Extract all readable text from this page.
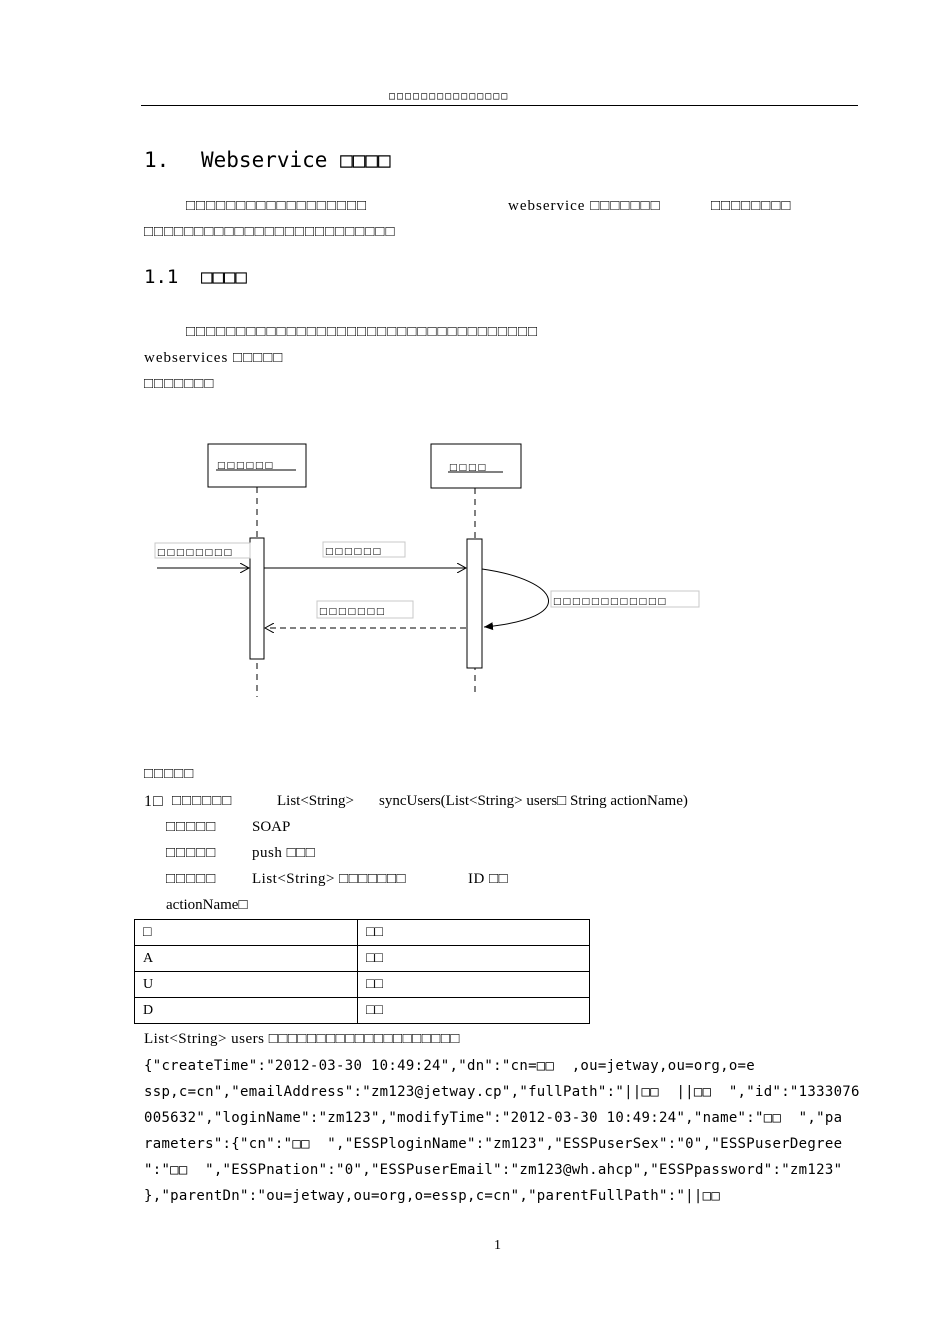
□□□□□□□□□□□□□□□
1. Webservice □□□□
□□□□□□□□□□□□□□□□□□	webservice □□□□□□□	□□□□□□□□
□□□□□□□□□□□□□□□□□□□□□□□□□
1.1 □□□□
□□□□□□□□□□□□□□□□□□□□□□□□□□□□□□□□□□□
webservices □□□□□
□□□□□□□
□□□□□□	□□□□
□□□□□□□□	□□□□□□
□□□□□□□□□□□□
□□□□□□□
□□□□□
1□ □□□□□□	List<String> syncUsers(List<String> users□ String actionName)
□□□□□ SOAP
□□□□□ push □□□
□□□□□ List<String> □□□□□□□	ID □□
actionName□
□	□□
A	□□
U	□□
D	□□
List<String> users □□□□□□□□□□□□□□□□□□□□
{"createTime":"2012-03-30 10:49:24","dn":"cn=□□  ,ou=jetway,ou=org,o=e
ssp,c=cn","emailAddress":"zm123@jetway.cp","fullPath":"||□□  ||□□  ","id":"1333076
005632","loginName":"zm123","modifyTime":"2012-03-30 10:49:24","name":"□□  ","pa
rameters":{"cn":"□□  ","ESSPloginName":"zm123","ESSPuserSex":"0","ESSPuserDegree
":"□□  ","ESSPnation":"0","ESSPuserEmail":"zm123@wh.ahcp","ESSPpassword":"zm123"
},"parentDn":"ou=jetway,ou=org,o=essp,c=cn","parentFullPath":"||□□
1
